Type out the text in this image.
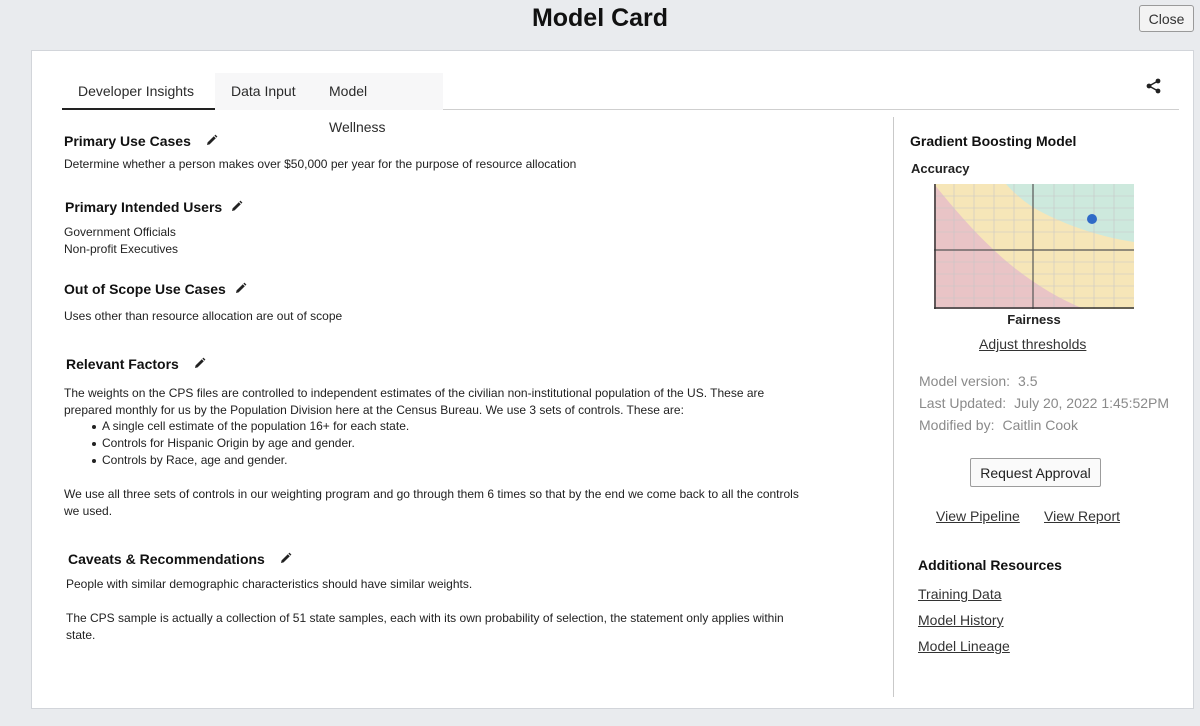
Model Card	Close
Developer Insights	Data Input	Model Wellness
Primary Use Cases
Determine whether a person makes over $50,000 per year for the purpose of resource allocation
Primary Intended Users
Government Officials
Non-profit Executives
Out of Scope Use Cases
Uses other than resource allocation are out of scope
Relevant Factors
The weights on the CPS files are controlled to independent estimates of the civilian non-institutional population of the US. These are
prepared monthly for us by the Population Division here at the Census Bureau. We use 3 sets of controls. These are:
A single cell estimate of the population 16+ for each state.
Controls for Hispanic Origin by age and gender.
Controls by Race, age and gender.
We use all three sets of controls in our weighting program and go through them 6 times so that by the end we come back to all the controls
we used.
Caveats & Recommendations
People with similar demographic characteristics should have similar weights.
The CPS sample is actually a collection of 51 state samples, each with its own probability of selection, the statement only applies within
state.
Gradient Boosting Model
Accuracy
Fairness
Adjust thresholds
Model version: 3.5
Last Updated: July 20, 2022 1:45:52PM
Modified by: Caitlin Cook
Request Approval
View Pipeline View Report
Additional Resources
Training Data
Model History
Model Lineage
